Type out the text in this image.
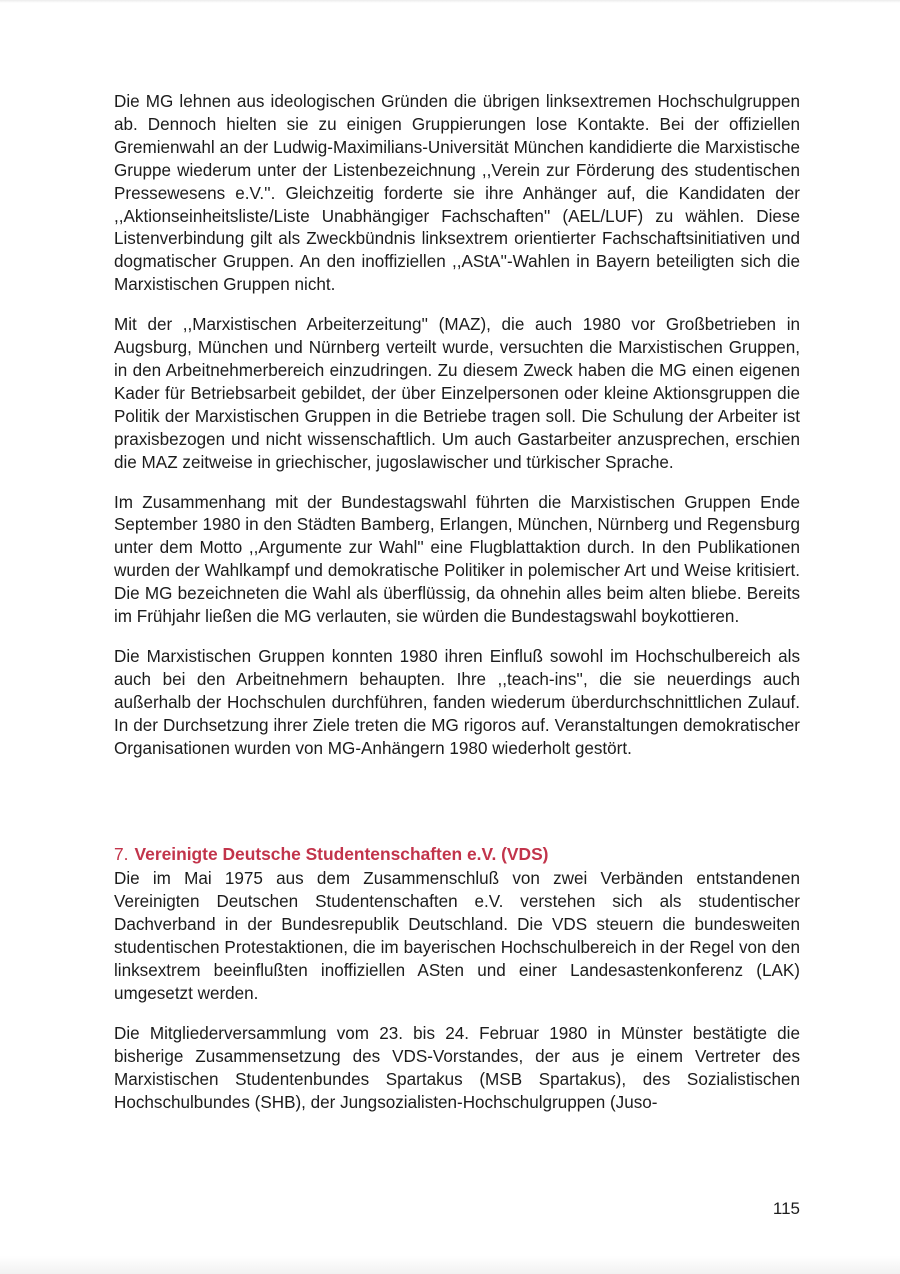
Die MG lehnen aus ideologischen Gründen die übrigen linksextremen Hochschulgruppen ab. Dennoch hielten sie zu einigen Gruppierungen lose Kontakte. Bei der offiziellen Gremienwahl an der Ludwig-Maximilians-Universität München kandidierte die Marxistische Gruppe wiederum unter der Listenbezeichnung ,,Verein zur Förderung des studentischen Pressewesens e.V.''. Gleichzeitig forderte sie ihre Anhänger auf, die Kandidaten der ,,Aktionseinheitsliste/Liste Unabhängiger Fachschaften'' (AEL/LUF) zu wählen. Diese Listenverbindung gilt als Zweckbündnis linksextrem orientierter Fachschaftsinitiativen und dogmatischer Gruppen. An den inoffiziellen ,,AStA''-Wahlen in Bayern beteiligten sich die Marxistischen Gruppen nicht.

Mit der ,,Marxistischen Arbeiterzeitung'' (MAZ), die auch 1980 vor Großbetrieben in Augsburg, München und Nürnberg verteilt wurde, versuchten die Marxistischen Gruppen, in den Arbeitnehmerbereich einzudringen. Zu diesem Zweck haben die MG einen eigenen Kader für Betriebsarbeit gebildet, der über Einzelpersonen oder kleine Aktionsgruppen die Politik der Marxistischen Gruppen in die Betriebe tragen soll. Die Schulung der Arbeiter ist praxisbezogen und nicht wissenschaftlich. Um auch Gastarbeiter anzusprechen, erschien die MAZ zeitweise in griechischer, jugoslawischer und türkischer Sprache.

Im Zusammenhang mit der Bundestagswahl führten die Marxistischen Gruppen Ende September 1980 in den Städten Bamberg, Erlangen, München, Nürnberg und Regensburg unter dem Motto ,,Argumente zur Wahl'' eine Flugblattaktion durch. In den Publikationen wurden der Wahlkampf und demokratische Politiker in polemischer Art und Weise kritisiert. Die MG bezeichneten die Wahl als überflüssig, da ohnehin alles beim alten bliebe. Bereits im Frühjahr ließen die MG verlauten, sie würden die Bundestagswahl boykottieren.

Die Marxistischen Gruppen konnten 1980 ihren Einfluß sowohl im Hochschulbereich als auch bei den Arbeitnehmern behaupten. Ihre ,,teach-ins'', die sie neuerdings auch außerhalb der Hochschulen durchführen, fanden wiederum überdurchschnittlichen Zulauf. In der Durchsetzung ihrer Ziele treten die MG rigoros auf. Veranstaltungen demokratischer Organisationen wurden von MG-Anhängern 1980 wiederholt gestört.

7. Vereinigte Deutsche Studentenschaften e.V. (VDS)

Die im Mai 1975 aus dem Zusammenschluß von zwei Verbänden entstandenen Vereinigten Deutschen Studentenschaften e.V. verstehen sich als studentischer Dachverband in der Bundesrepublik Deutschland. Die VDS steuern die bundesweiten studentischen Protestaktionen, die im bayerischen Hochschulbereich in der Regel von den linksextrem beeinflußten inoffiziellen ASten und einer Landesastenkonferenz (LAK) umgesetzt werden.

Die Mitgliederversammlung vom 23. bis 24. Februar 1980 in Münster bestätigte die bisherige Zusammensetzung des VDS-Vorstandes, der aus je einem Vertreter des Marxistischen Studentenbundes Spartakus (MSB Spartakus), des Sozialistischen Hochschulbundes (SHB), der Jungsozialisten-Hochschulgruppen (Juso-

115
